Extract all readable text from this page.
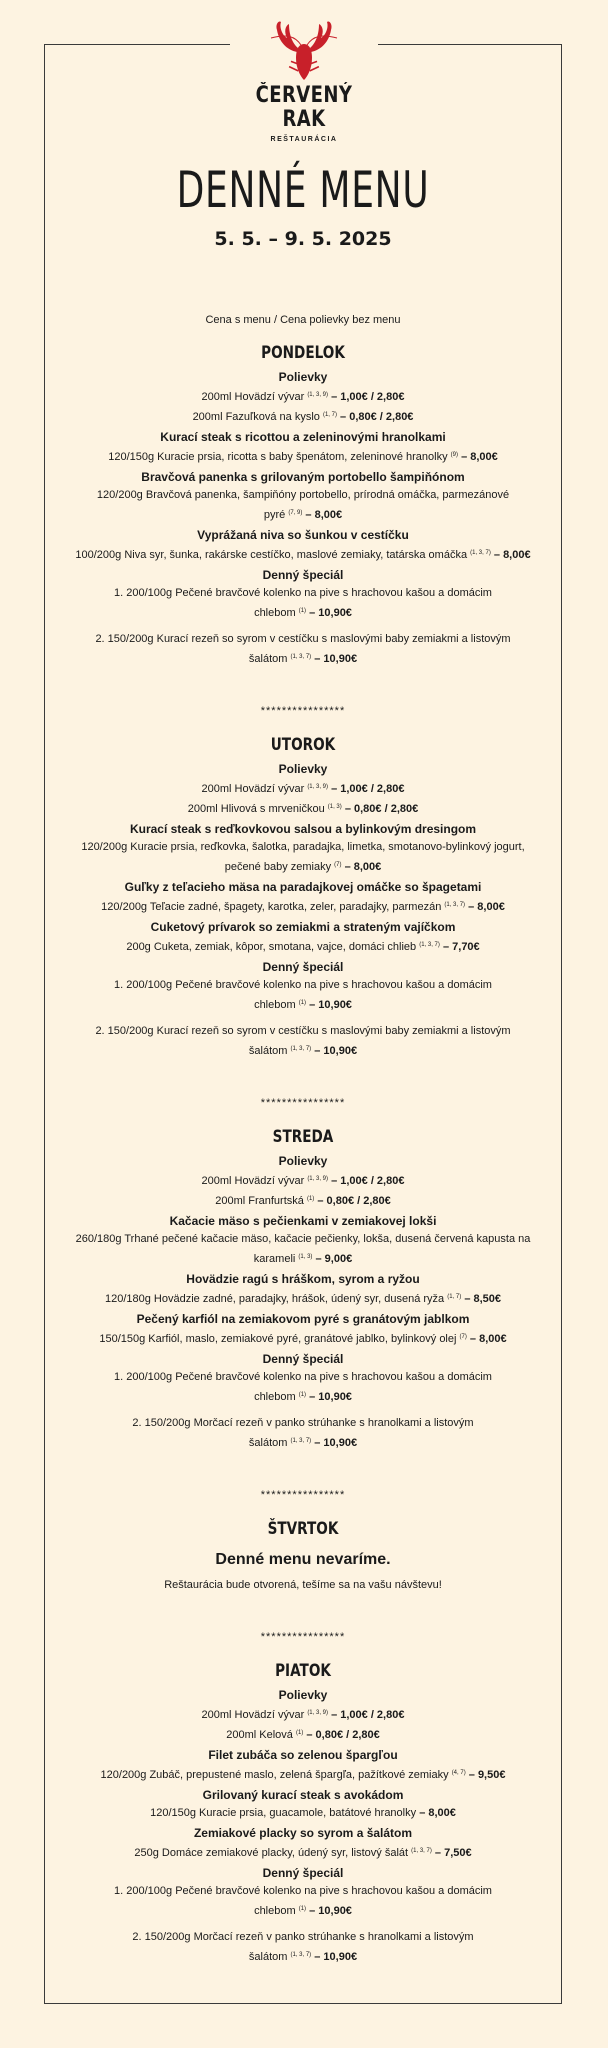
ČERVENÝ RAK
REŠTAURÁCIA
DENNÉ MENU
5. 5. – 9. 5. 2025
Cena s menu / Cena polievky bez menu
PONDELOK
Polievky
200ml Hovädzí vývar $^{(1, 3, 9)}$ – 1,00€ / 2,80€
200ml Fazuľková na kyslo $^{(1, 7)}$ – 0,80€ / 2,80€
Kurací steak s ricottou a zeleninovými hranolkami
120/150g Kuracie prsia, ricotta s baby špenátom, zeleninové hranolky $^{(9)}$ – 8,00€
Bravčová panenka s grilovaným portobello šampiňónom
120/200g Bravčová panenka, šampiňóny portobello, prírodná omáčka, parmezánové
pyré $^{(7, 9)}$ – 8,00€
Vyprážaná niva so šunkou v cestíčku
100/200g Niva syr, šunka, rakárske cestíčko, maslové zemiaky, tatárska omáčka $^{(1, 3, 7)}$ – 8,00€
Denný špeciál
1. 200/100g Pečené bravčové kolenko na pive s hrachovou kašou a domácim
chlebom $^{(1)}$ – 10,90€
2. 150/200g Kurací rezeň so syrom v cestíčku s maslovými baby zemiakmi a listovým
šalátom $^{(1, 3, 7)}$ – 10,90€
****************
UTOROK
Polievky
200ml Hovädzí vývar $^{(1, 3, 9)}$ – 1,00€ / 2,80€
200ml Hlivová s mrveničkou $^{(1, 3)}$ – 0,80€ / 2,80€
Kurací steak s reďkovkovou salsou a bylinkovým dresingom
120/200g Kuracie prsia, reďkovka, šalotka, paradajka, limetka, smotanovo-bylinkový jogurt,
pečené baby zemiaky $^{(7)}$ – 8,00€
Guľky z teľacieho mäsa na paradajkovej omáčke so špagetami
120/200g Teľacie zadné, špagety, karotka, zeler, paradajky, parmezán $^{(1, 3, 7)}$ – 8,00€
Cuketový prívarok so zemiakmi a strateným vajíčkom
200g Cuketa, zemiak, kôpor, smotana, vajce, domáci chlieb $^{(1, 3, 7)}$ – 7,70€
Denný špeciál
1. 200/100g Pečené bravčové kolenko na pive s hrachovou kašou a domácim
chlebom $^{(1)}$ – 10,90€
2. 150/200g Kurací rezeň so syrom v cestíčku s maslovými baby zemiakmi a listovým
šalátom $^{(1, 3, 7)}$ – 10,90€
****************
STREDA
Polievky
200ml Hovädzí vývar $^{(1, 3, 9)}$ – 1,00€ / 2,80€
200ml Franfurtská $^{(1)}$ – 0,80€ / 2,80€
Kačacie mäso s pečienkami v zemiakovej lokši
260/180g Trhané pečené kačacie mäso, kačacie pečienky, lokša, dusená červená kapusta na
karameli $^{(1, 3)}$ – 9,00€
Hovädzie ragú s hráškom, syrom a ryžou
120/180g Hovädzie zadné, paradajky, hrášok, údený syr, dusená ryža $^{(1, 7)}$ – 8,50€
Pečený karfiól na zemiakovom pyré s granátovým jablkom
150/150g Karfiól, maslo, zemiakové pyré, granátové jablko, bylinkový olej $^{(7)}$ – 8,00€
Denný špeciál
1. 200/100g Pečené bravčové kolenko na pive s hrachovou kašou a domácim
chlebom $^{(1)}$ – 10,90€
2. 150/200g Morčací rezeň v panko strúhanke s hranolkami a listovým
šalátom $^{(1, 3, 7)}$ – 10,90€
****************
ŠTVRTOK
Denné menu nevaríme.
Reštaurácia bude otvorená, tešíme sa na vašu návštevu!
****************
PIATOK
Polievky
200ml Hovädzí vývar $^{(1, 3, 9)}$ – 1,00€ / 2,80€
200ml Kelová $^{(1)}$ – 0,80€ / 2,80€
Filet zubáča so zelenou špargľou
120/200g Zubáč, prepustené maslo, zelená špargľa, pažítkové zemiaky $^{(4, 7)}$ – 9,50€
Grilovaný kurací steak s avokádom
120/150g Kuracie prsia, guacamole, batátové hranolky – 8,00€
Zemiakové placky so syrom a šalátom
250g Domáce zemiakové placky, údený syr, listový šalát $^{(1, 3, 7)}$ – 7,50€
Denný špeciál
1. 200/100g Pečené bravčové kolenko na pive s hrachovou kašou a domácim
chlebom $^{(1)}$ – 10,90€
2. 150/200g Morčací rezeň v panko strúhanke s hranolkami a listovým
šalátom $^{(1, 3, 7)}$ – 10,90€
